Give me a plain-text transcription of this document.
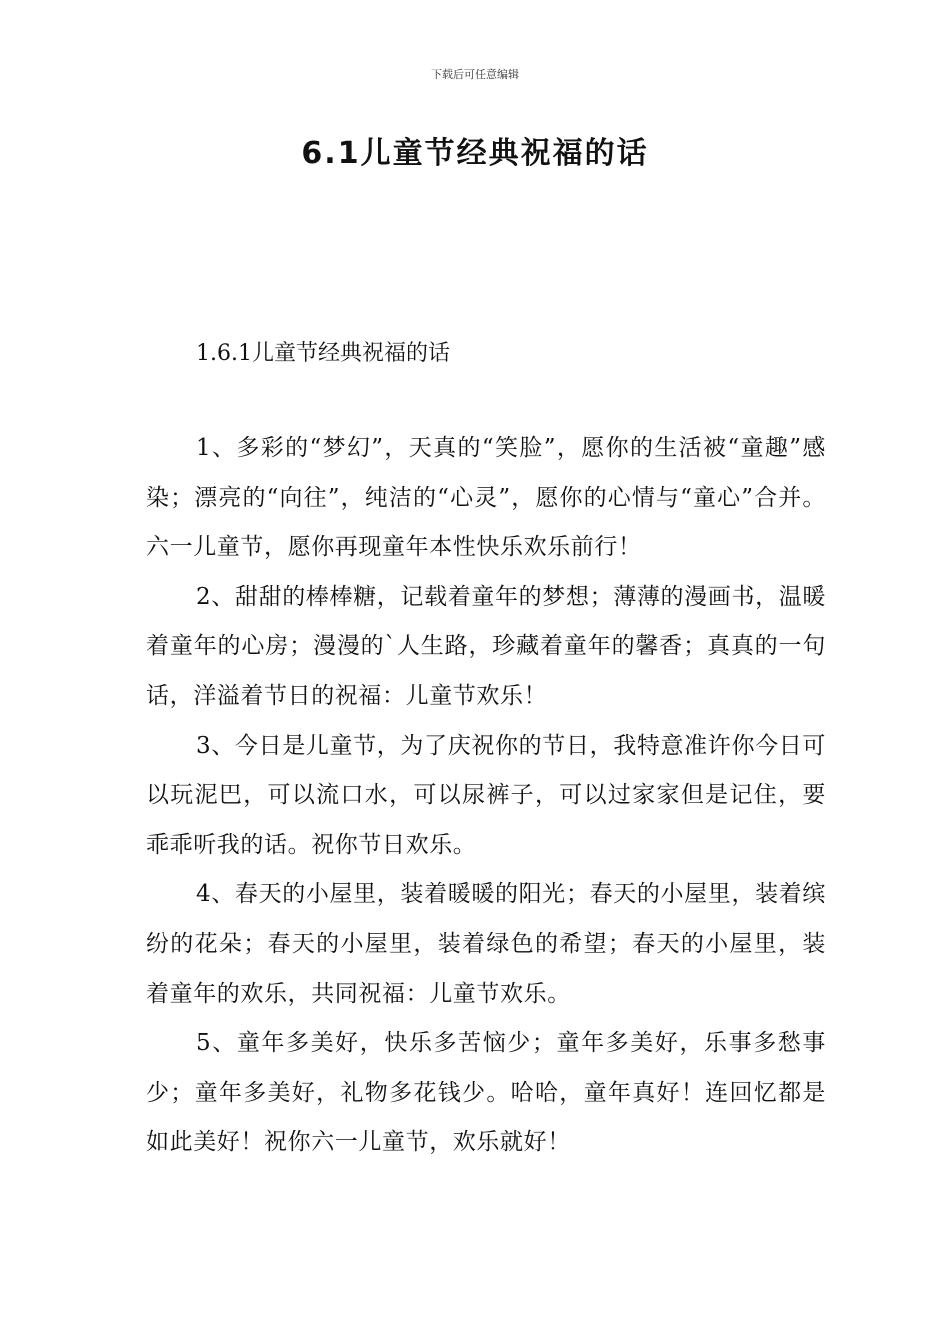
下载后可任意编辑
6.1儿童节经典祝福的话
1.6.1儿童节经典祝福的话

1、多彩的“梦幻”，天真的“笑脸”，愿你的生活被“童趣”感染；漂亮的“向往”，纯洁的“心灵”，愿你的心情与“童心”合并。六一儿童节，愿你再现童年本性快乐欢乐前行！

2、甜甜的棒棒糖，记载着童年的梦想；薄薄的漫画书，温暖着童年的心房；漫漫的`人生路，珍藏着童年的馨香；真真的一句话，洋溢着节日的祝福：儿童节欢乐！

3、今日是儿童节，为了庆祝你的节日，我特意准许你今日可以玩泥巴，可以流口水，可以尿裤子，可以过家家但是记住，要乖乖听我的话。祝你节日欢乐。

4、春天的小屋里，装着暖暖的阳光；春天的小屋里，装着缤纷的花朵；春天的小屋里，装着绿色的希望；春天的小屋里，装着童年的欢乐，共同祝福：儿童节欢乐。

5、童年多美好，快乐多苦恼少；童年多美好，乐事多愁事少；童年多美好，礼物多花钱少。哈哈，童年真好！连回忆都是如此美好！祝你六一儿童节，欢乐就好！
